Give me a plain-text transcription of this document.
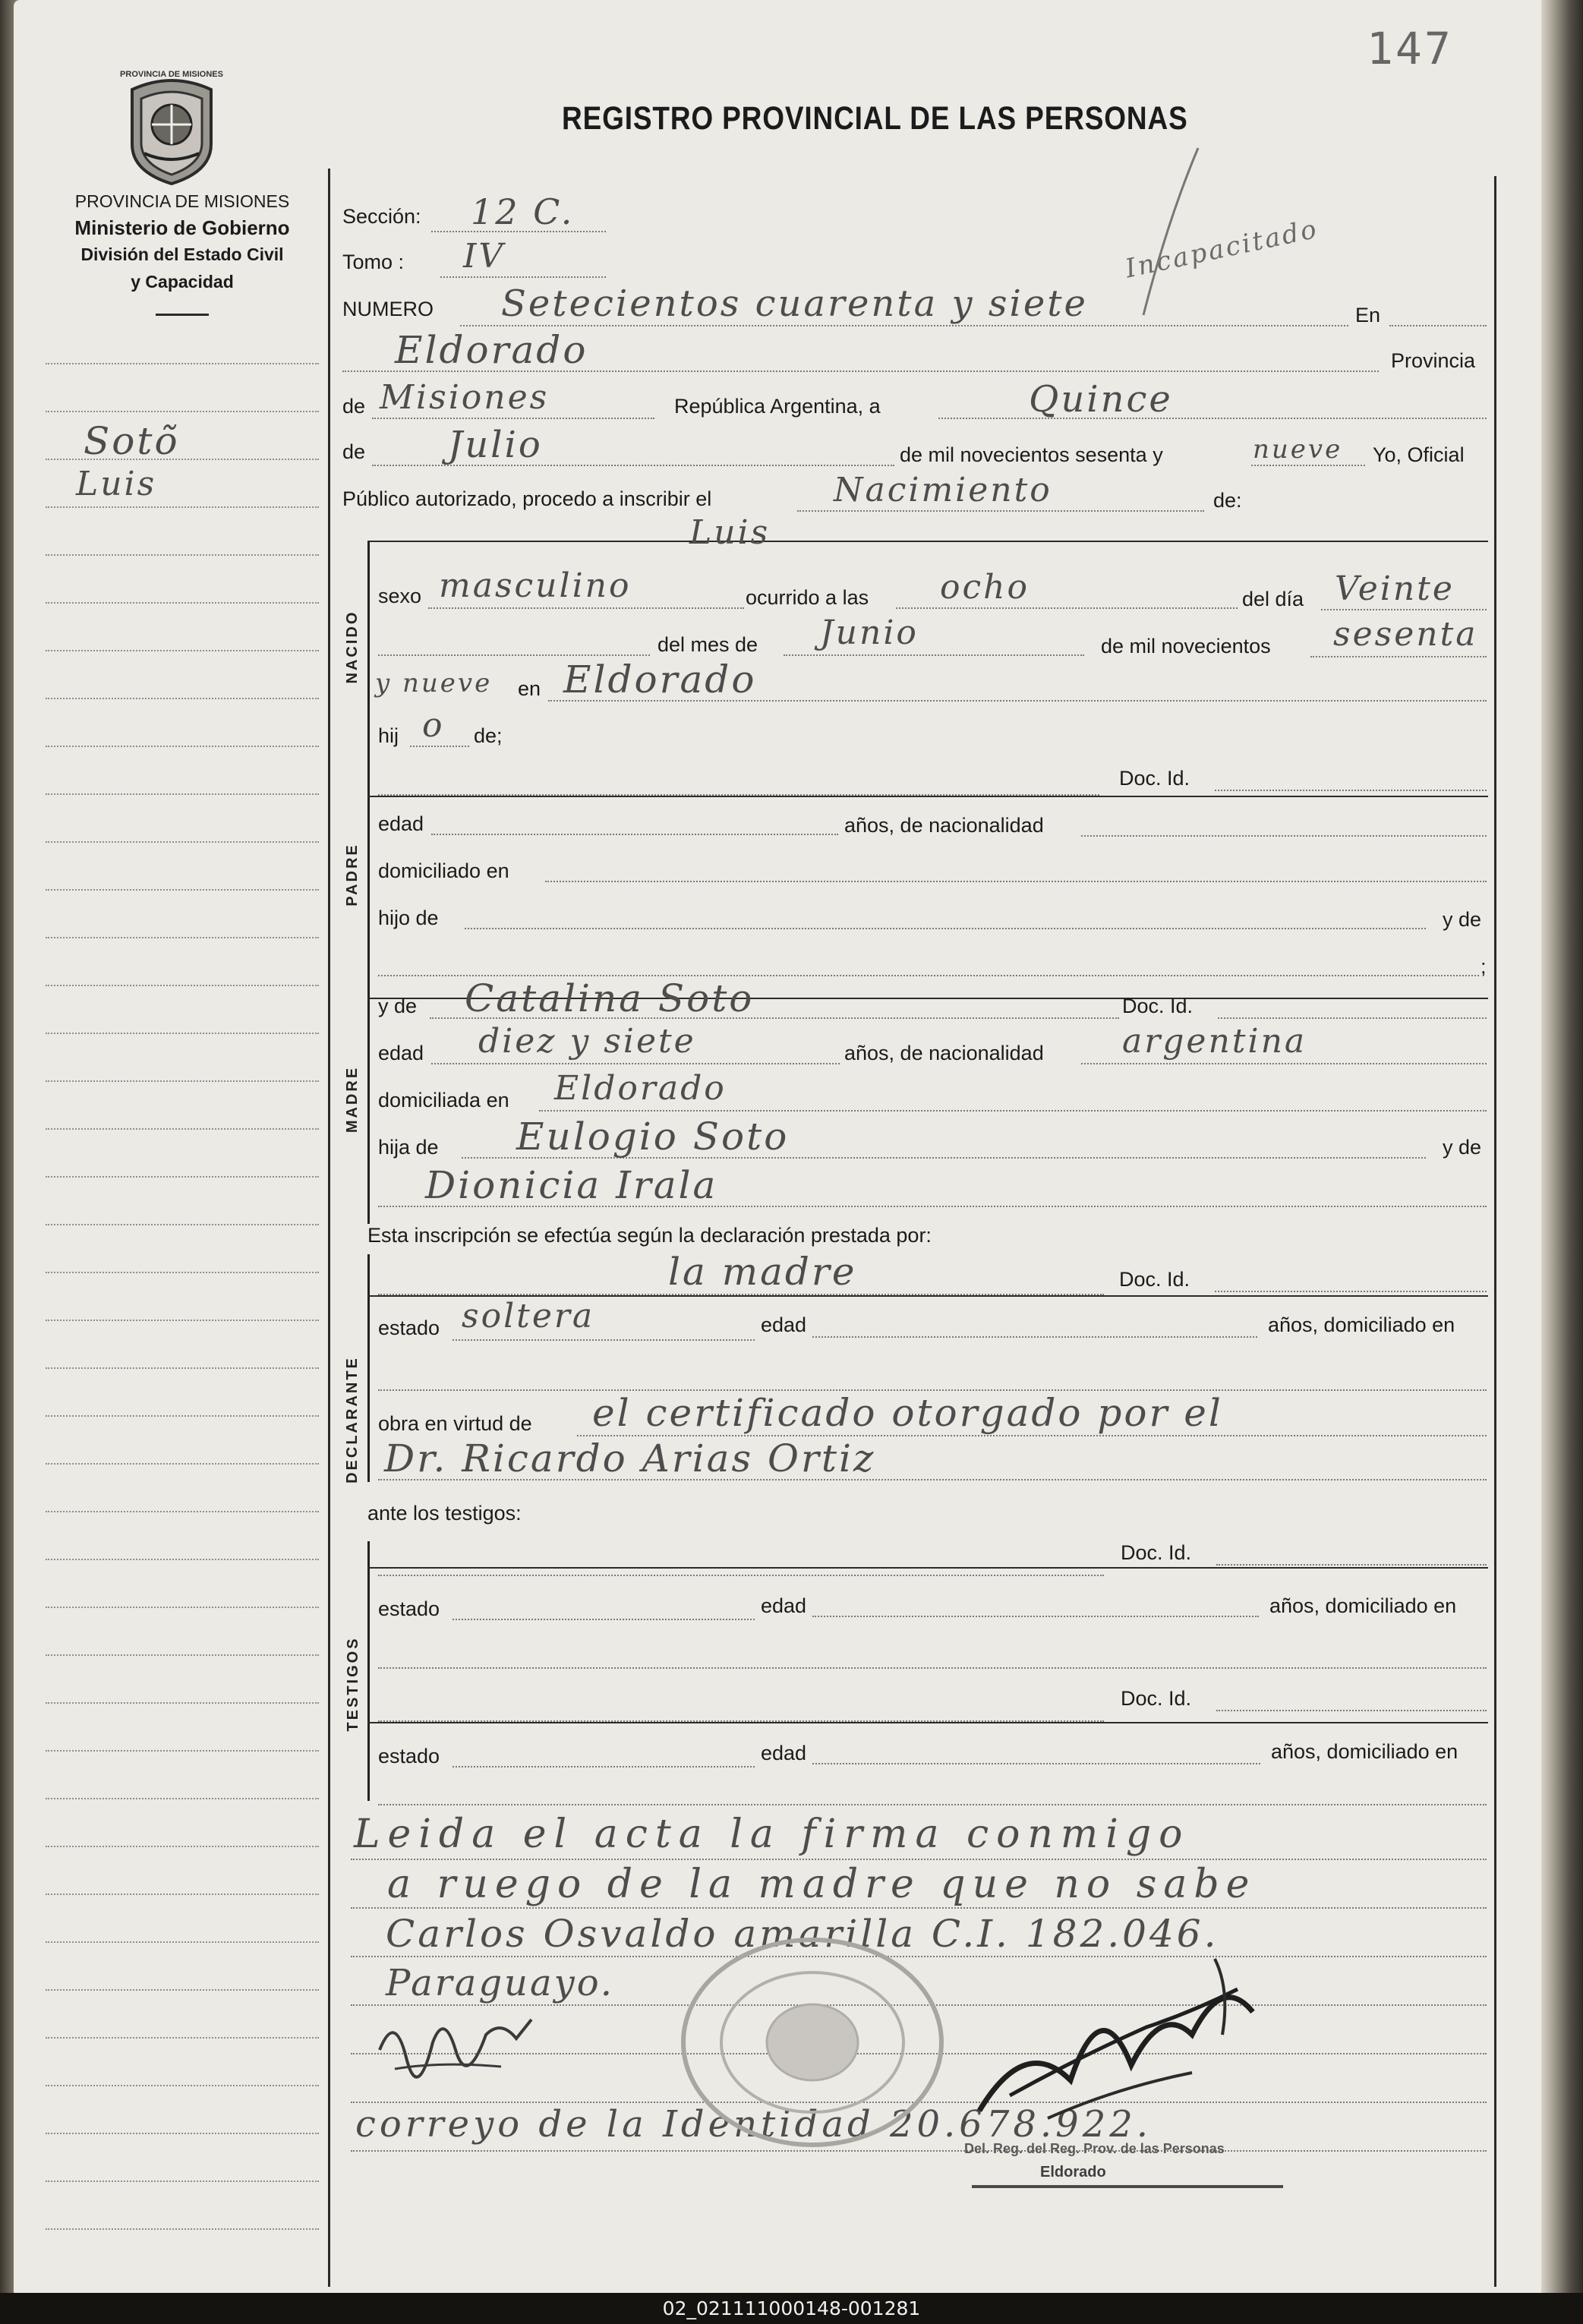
147
PROVINCIA DE MISIONES
PROVINCIA DE MISIONES
Ministerio de Gobierno
División del Estado Civil
y Capacidad
REGISTRO PROVINCIAL DE LAS PERSONAS
Sotõ
Luis
Sección: 12 C.
Tomo : IV
NUMERO Setecientos cuarenta y siete	En
Incapacitado
Eldorado	Provincia
de Misiones	República Argentina, a	Quince
de Julio	de mil novecientos sesenta y	nueve Yo, Oficial
Público autorizado, procedo a inscribir el	Nacimiento	de:
NACIDO
Luis
sexo masculino	ocurrido a las ocho	del día Veinte
del mes de Junio	de mil novecientos sesenta
y nueve en Eldorado
hij o de;
Doc. Id.
PADRE
edad	años, de nacionalidad
domiciliado en
hijo de	y de
;
MADRE
y de Catalina Soto	Doc. Id.
edad diez y siete	años, de nacionalidad argentina
domiciliada en Eldorado
hija de Eulogio Soto	y de
Dionicia Irala
Esta inscripción se efectúa según la declaración prestada por:
la madre	Doc. Id.
DECLARANTE
estado soltera	edad	años, domiciliado en
obra en virtud de el certificado otorgado por el
Dr. Ricardo Arias Ortiz
ante los testigos:
Doc. Id.
TESTIGOS
estado	edad	años, domiciliado en
Doc. Id.
estado	edad	años, domiciliado en
Leida el acta la firma conmigo
a ruego de la madre que no sabe
Carlos Osvaldo amarilla C.I. 182.046.
Paraguayo.
correyo de la Identidad 20.678.922.
Del. Reg. del Reg. Prov. de las Personas
Eldorado
02_021111000148-001281
